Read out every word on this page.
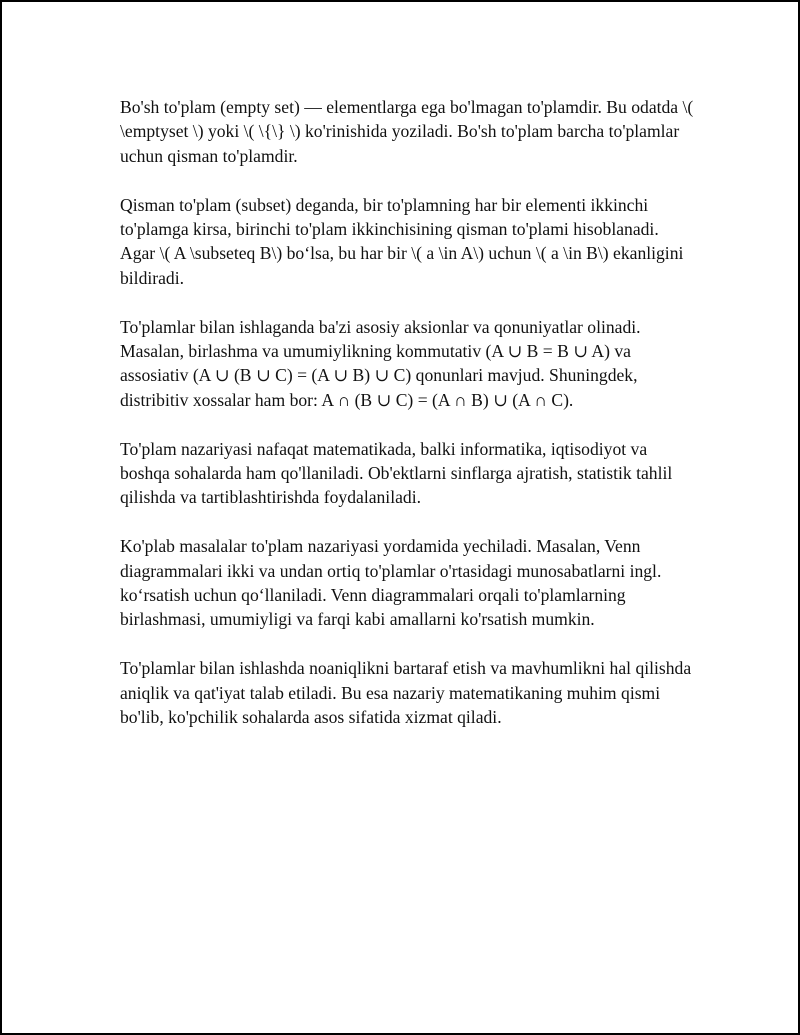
Bo'sh to'plam (empty set) — elementlarga ega bo'lmagan to'plamdir. Bu odatda \( \emptyset \) yoki \( \{\} \) ko'rinishida yoziladi. Bo'sh to'plam barcha to'plamlar uchun qisman to'plamdir.

Qisman to'plam (subset) deganda, bir to'plamning har bir elementi ikkinchi to'plamga kirsa, birinchi to'plam ikkinchisining qisman to'plami hisoblanadi. Agar \( A \subseteq B\) bo‘lsa, bu har bir \( a \in A\) uchun \( a \in B\) ekanligini bildiradi.

To'plamlar bilan ishlaganda ba'zi asosiy aksionlar va qonuniyatlar olinadi. Masalan, birlashma va umumiylikning kommutativ (A ∪ B = B ∪ A) va assosiativ (A ∪ (B ∪ C) = (A ∪ B) ∪ C) qonunlari mavjud. Shuningdek, distribitiv xossalar ham bor: A ∩ (B ∪ C) = (A ∩ B) ∪ (A ∩ C).

To'plam nazariyasi nafaqat matematikada, balki informatika, iqtisodiyot va boshqa sohalarda ham qo'llaniladi. Ob'ektlarni sinflarga ajratish, statistik tahlil qilishda va tartiblashtirishda foydalaniladi.

Ko'plab masalalar to'plam nazariyasi yordamida yechiladi. Masalan, Venn diagrammalari ikki va undan ortiq to'plamlar o'rtasidagi munosabatlarni ingl. ko‘rsatish uchun qo‘llaniladi. Venn diagrammalari orqali to'plamlarning birlashmasi, umumiyligi va farqi kabi amallarni ko'rsatish mumkin.

To'plamlar bilan ishlashda noaniqlikni bartaraf etish va mavhumlikni hal qilishda aniqlik va qat'iyat talab etiladi. Bu esa nazariy matematikaning muhim qismi bo'lib, ko'pchilik sohalarda asos sifatida xizmat qiladi.
